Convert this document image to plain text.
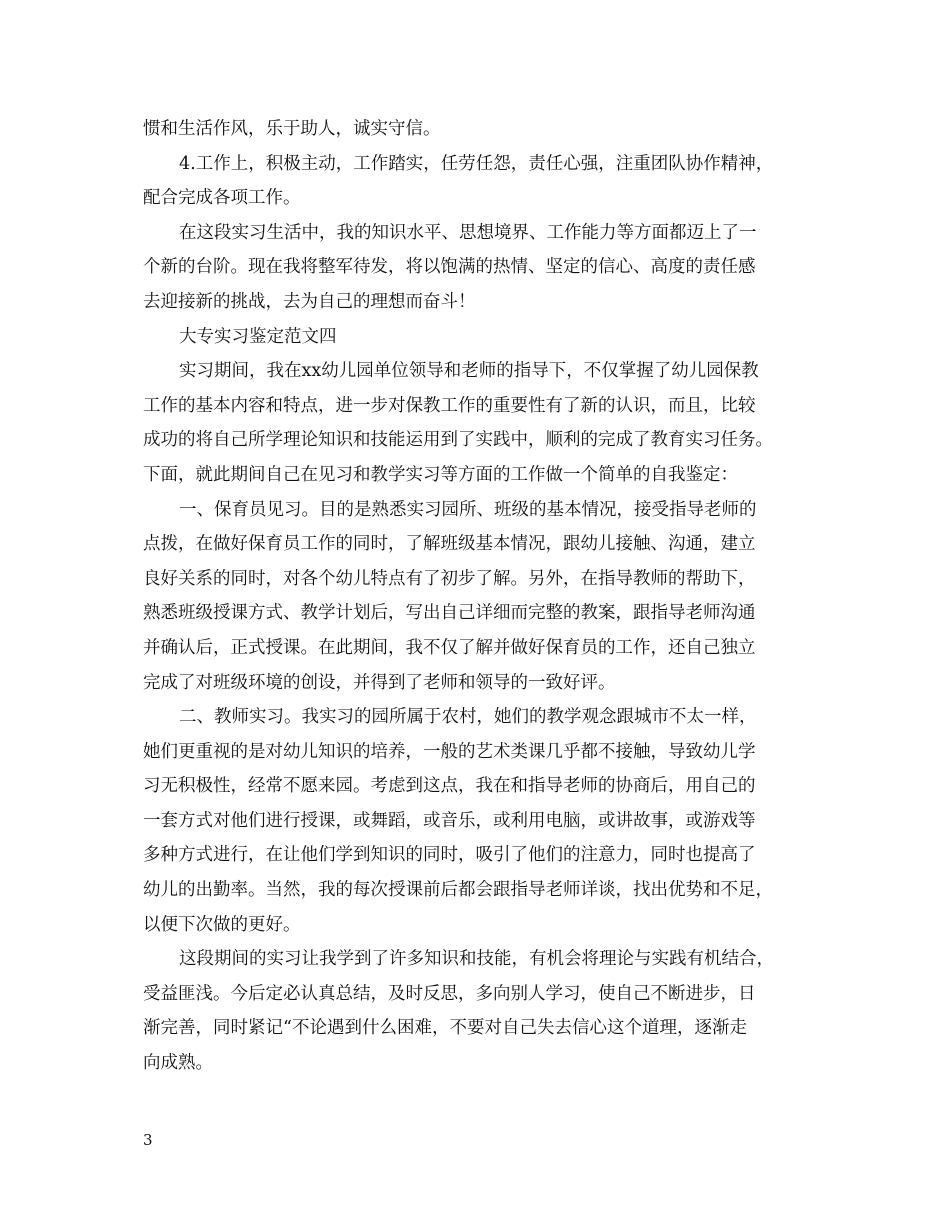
惯和生活作风，乐于助人，诚实守信。
4.工作上，积极主动，工作踏实，任劳任怨，责任心强，注重团队协作精神，
配合完成各项工作。
在这段实习生活中，我的知识水平、思想境界、工作能力等方面都迈上了一
个新的台阶。现在我将整军待发，将以饱满的热情、坚定的信心、高度的责任感
去迎接新的挑战，去为自己的理想而奋斗！
大专实习鉴定范文四
实习期间，我在xx幼儿园单位领导和老师的指导下，不仅掌握了幼儿园保教
工作的基本内容和特点，进一步对保教工作的重要性有了新的认识，而且，比较
成功的将自己所学理论知识和技能运用到了实践中，顺利的完成了教育实习任务。
下面，就此期间自己在见习和教学实习等方面的工作做一个简单的自我鉴定：
一、保育员见习。目的是熟悉实习园所、班级的基本情况，接受指导老师的
点拨，在做好保育员工作的同时，了解班级基本情况，跟幼儿接触、沟通，建立
良好关系的同时，对各个幼儿特点有了初步了解。另外，在指导教师的帮助下，
熟悉班级授课方式、教学计划后，写出自己详细而完整的教案，跟指导老师沟通
并确认后，正式授课。在此期间，我不仅了解并做好保育员的工作，还自己独立
完成了对班级环境的创设，并得到了老师和领导的一致好评。
二、教师实习。我实习的园所属于农村，她们的教学观念跟城市不太一样，
她们更重视的是对幼儿知识的培养，一般的艺术类课几乎都不接触，导致幼儿学
习无积极性，经常不愿来园。考虑到这点，我在和指导老师的协商后，用自己的
一套方式对他们进行授课，或舞蹈，或音乐，或利用电脑，或讲故事，或游戏等
多种方式进行，在让他们学到知识的同时，吸引了他们的注意力，同时也提高了
幼儿的出勤率。当然，我的每次授课前后都会跟指导老师详谈，找出优势和不足，
以便下次做的更好。
这段期间的实习让我学到了许多知识和技能，有机会将理论与实践有机结合，
受益匪浅。今后定必认真总结，及时反思，多向别人学习，使自己不断进步，日
渐完善，同时紧记“不论遇到什么困难，不要对自己失去信心这个道理，逐渐走
向成熟。
3
